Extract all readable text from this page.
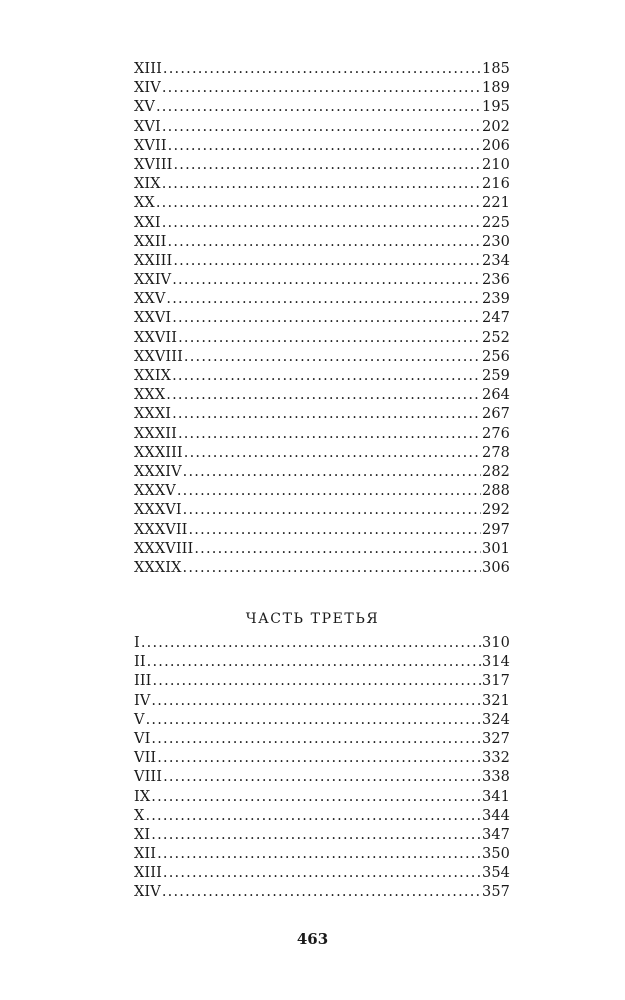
XIII .....	185
XIV .....	189
XV .....	195
XVI .....	202
XVII .....	206
XVIII .....	210
XIX .....	216
XX .....	221
XXI .....	225
XXII .....	230
XXIII .....	234
XXIV .....	236
XXV .....	239
XXVI .....	247
XXVII .....	252
XXVIII .....	256
XXIX .....	259
XXX .....	264
XXXI .....	267
XXXII .....	276
XXXIII .....	278
XXXIV .....	282
XXXV .....	288
XXXVI .....	292
XXXVII .....	297
XXXVIII .....	301
XXXIX .....	306
ЧАСТЬ ТРЕТЬЯ
I .....	310
II .....	314
III .....	317
IV .....	321
V .....	324
VI .....	327
VII .....	332
VIII .....	338
IX .....	341
X .....	344
XI .....	347
XII .....	350
XIII .....	354
XIV .....	357
463
